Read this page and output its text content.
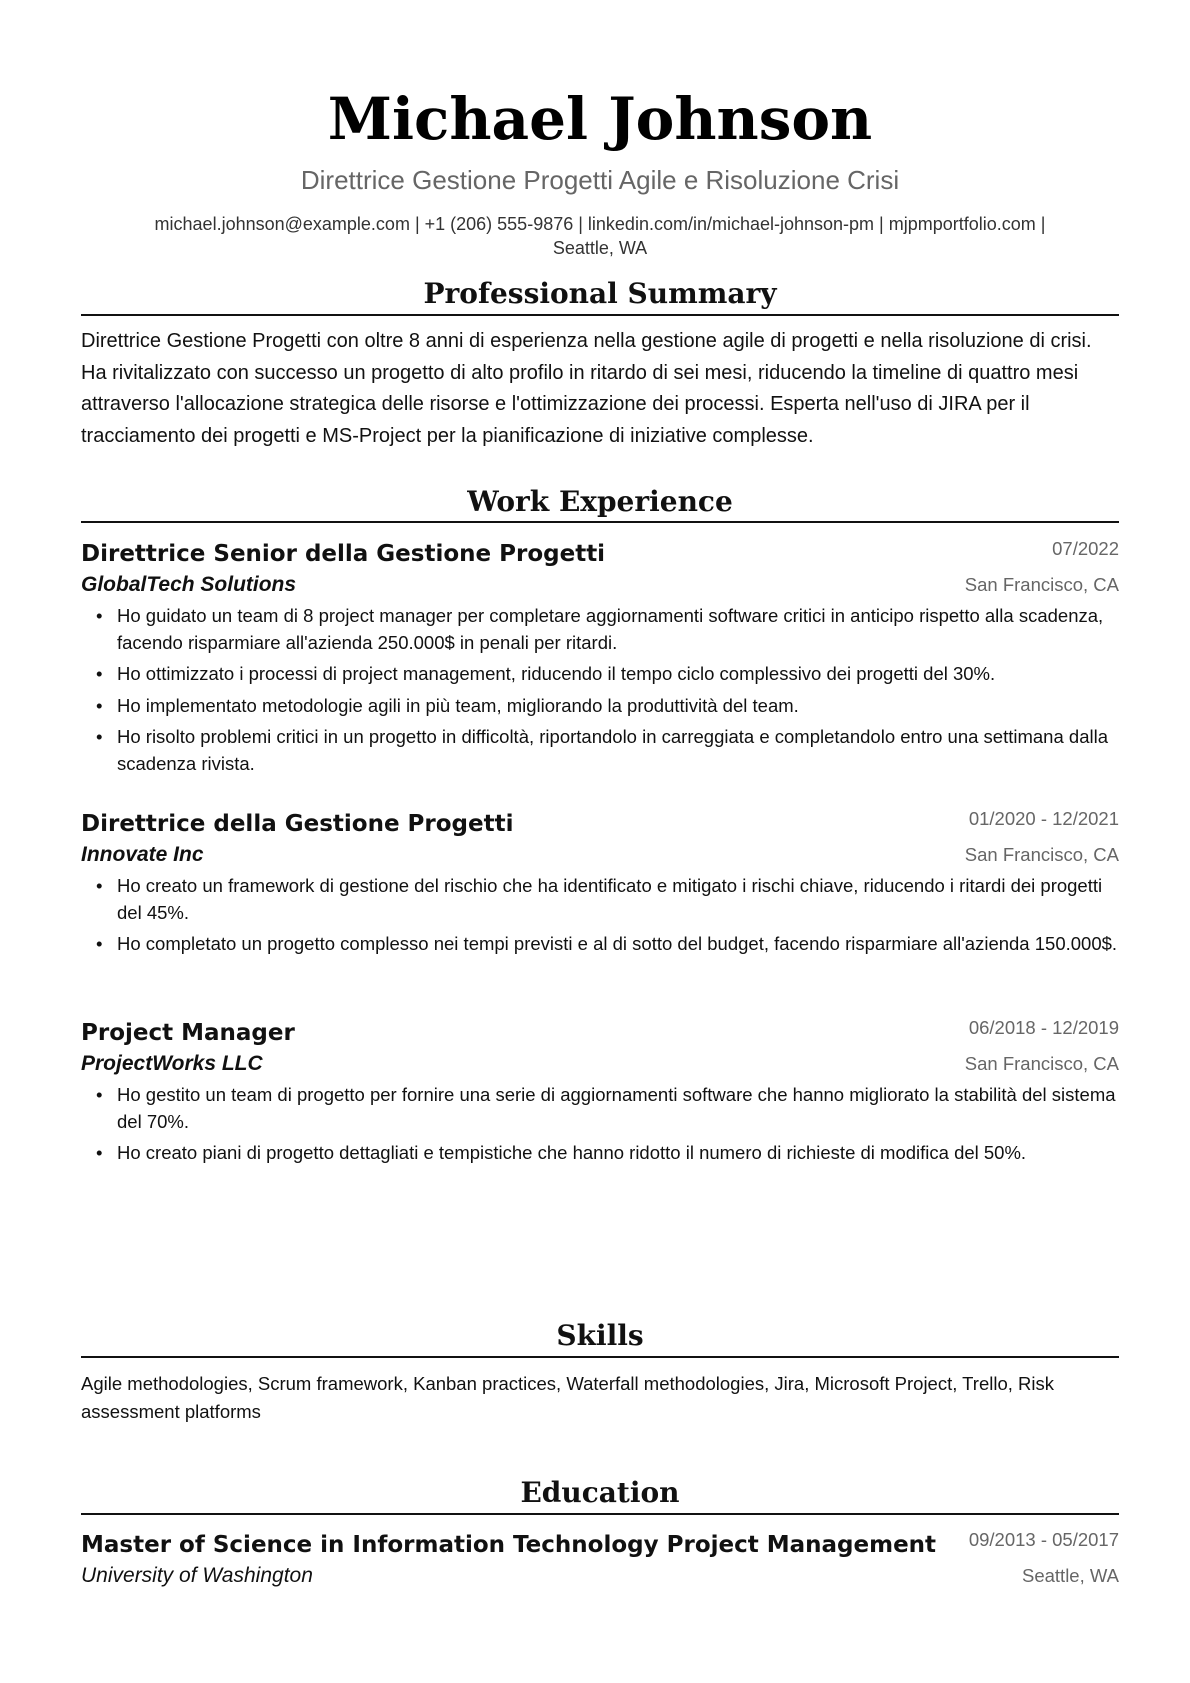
Michael Johnson
Direttrice Gestione Progetti Agile e Risoluzione Crisi
michael.johnson@example.com | +1 (206) 555-9876 | linkedin.com/in/michael-johnson-pm | mjpmportfolio.com |
Seattle, WA
Professional Summary
Direttrice Gestione Progetti con oltre 8 anni di esperienza nella gestione agile di progetti e nella risoluzione di crisi. Ha rivitalizzato con successo un progetto di alto profilo in ritardo di sei mesi, riducendo la timeline di quattro mesi attraverso l'allocazione strategica delle risorse e l'ottimizzazione dei processi. Esperta nell'uso di JIRA per il tracciamento dei progetti e MS-Project per la pianificazione di iniziative complesse.
Work Experience
Direttrice Senior della Gestione Progetti	07/2022
GlobalTech Solutions	San Francisco, CA
• Ho guidato un team di 8 project manager per completare aggiornamenti software critici in anticipo rispetto alla scadenza, facendo risparmiare all'azienda 250.000$ in penali per ritardi.
• Ho ottimizzato i processi di project management, riducendo il tempo ciclo complessivo dei progetti del 30%.
• Ho implementato metodologie agili in più team, migliorando la produttività del team.
• Ho risolto problemi critici in un progetto in difficoltà, riportandolo in carreggiata e completandolo entro una settimana dalla scadenza rivista.
Direttrice della Gestione Progetti	01/2020 - 12/2021
Innovate Inc	San Francisco, CA
• Ho creato un framework di gestione del rischio che ha identificato e mitigato i rischi chiave, riducendo i ritardi dei progetti del 45%.
• Ho completato un progetto complesso nei tempi previsti e al di sotto del budget, facendo risparmiare all'azienda 150.000$.
Project Manager	06/2018 - 12/2019
ProjectWorks LLC	San Francisco, CA
• Ho gestito un team di progetto per fornire una serie di aggiornamenti software che hanno migliorato la stabilità del sistema del 70%.
• Ho creato piani di progetto dettagliati e tempistiche che hanno ridotto il numero di richieste di modifica del 50%.
Skills
Agile methodologies, Scrum framework, Kanban practices, Waterfall methodologies, Jira, Microsoft Project, Trello, Risk assessment platforms
Education
Master of Science in Information Technology Project Management 09/2013 - 05/2017
University of Washington	Seattle, WA
